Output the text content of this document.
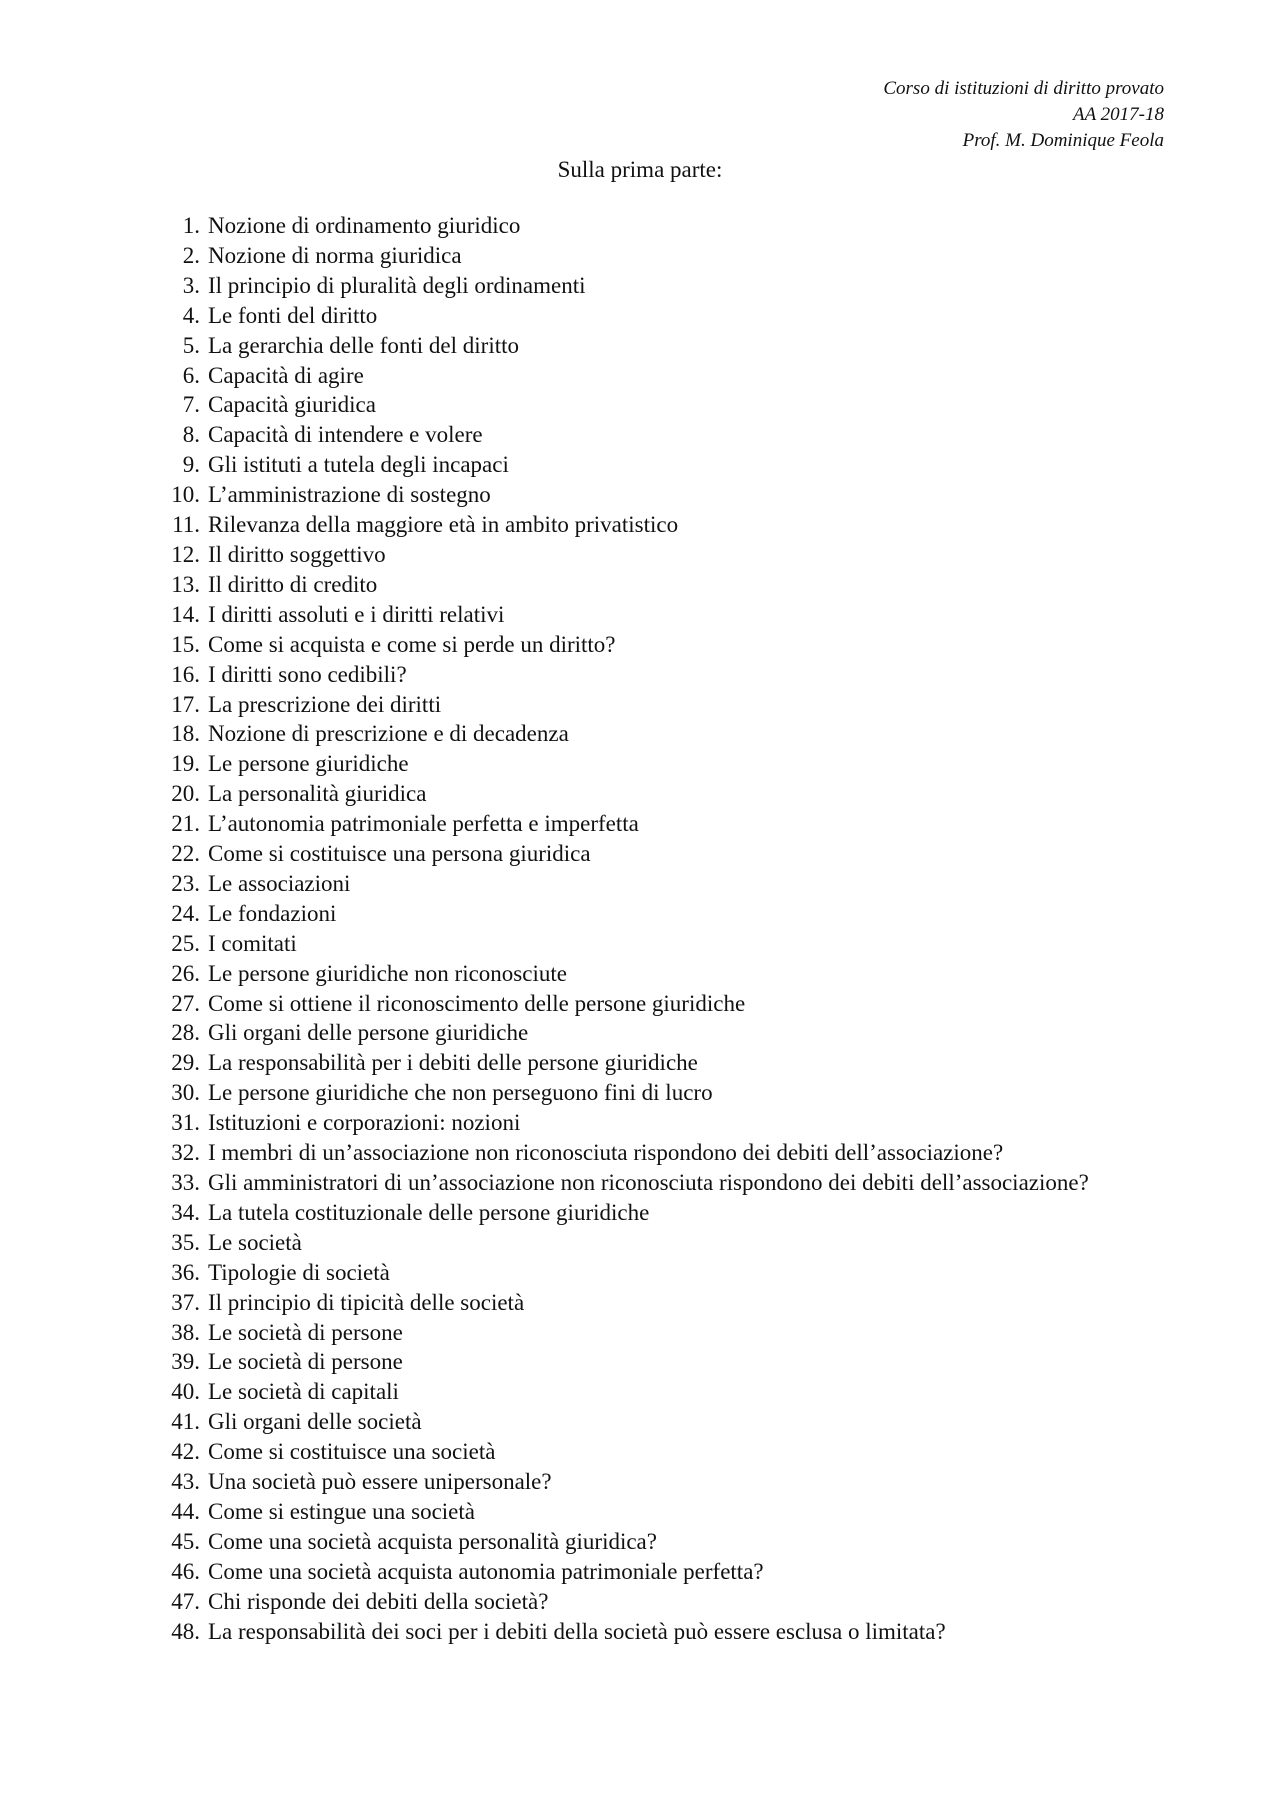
Corso di istituzioni di diritto provato
AA 2017-18
Prof. M. Dominique Feola
Sulla prima parte:
1. Nozione di ordinamento giuridico
2. Nozione di norma giuridica
3. Il principio di pluralità degli ordinamenti
4. Le fonti del diritto
5. La gerarchia delle fonti del diritto
6. Capacità di agire
7. Capacità giuridica
8. Capacità di intendere e volere
9. Gli istituti a tutela degli incapaci
10. L’amministrazione di sostegno
11. Rilevanza della maggiore età in ambito privatistico
12. Il diritto soggettivo
13. Il diritto di credito
14. I diritti assoluti e i diritti relativi
15. Come si acquista e come si perde un diritto?
16. I diritti sono cedibili?
17. La prescrizione dei diritti
18. Nozione di prescrizione e di decadenza
19. Le persone giuridiche
20. La personalità giuridica
21. L’autonomia patrimoniale perfetta e imperfetta
22. Come si costituisce una persona giuridica
23. Le associazioni
24. Le fondazioni
25. I comitati
26. Le persone giuridiche non riconosciute
27. Come si ottiene il riconoscimento delle persone giuridiche
28. Gli organi delle persone giuridiche
29. La responsabilità per i debiti delle persone giuridiche
30. Le persone giuridiche che non perseguono fini di lucro
31. Istituzioni e corporazioni: nozioni
32. I membri di un’associazione non riconosciuta rispondono dei debiti dell’associazione?
33. Gli amministratori di un’associazione non riconosciuta rispondono dei debiti dell’associazione?
34. La tutela costituzionale delle persone giuridiche
35. Le società
36. Tipologie di società
37. Il principio di tipicità delle società
38. Le società di persone
39. Le società di persone
40. Le società di capitali
41. Gli organi delle società
42. Come si costituisce una società
43. Una società può essere unipersonale?
44. Come si estingue una società
45. Come una società acquista personalità giuridica?
46. Come una società acquista autonomia patrimoniale perfetta?
47. Chi risponde dei debiti della società?
48. La responsabilità dei soci per i debiti della società può essere esclusa o limitata?
